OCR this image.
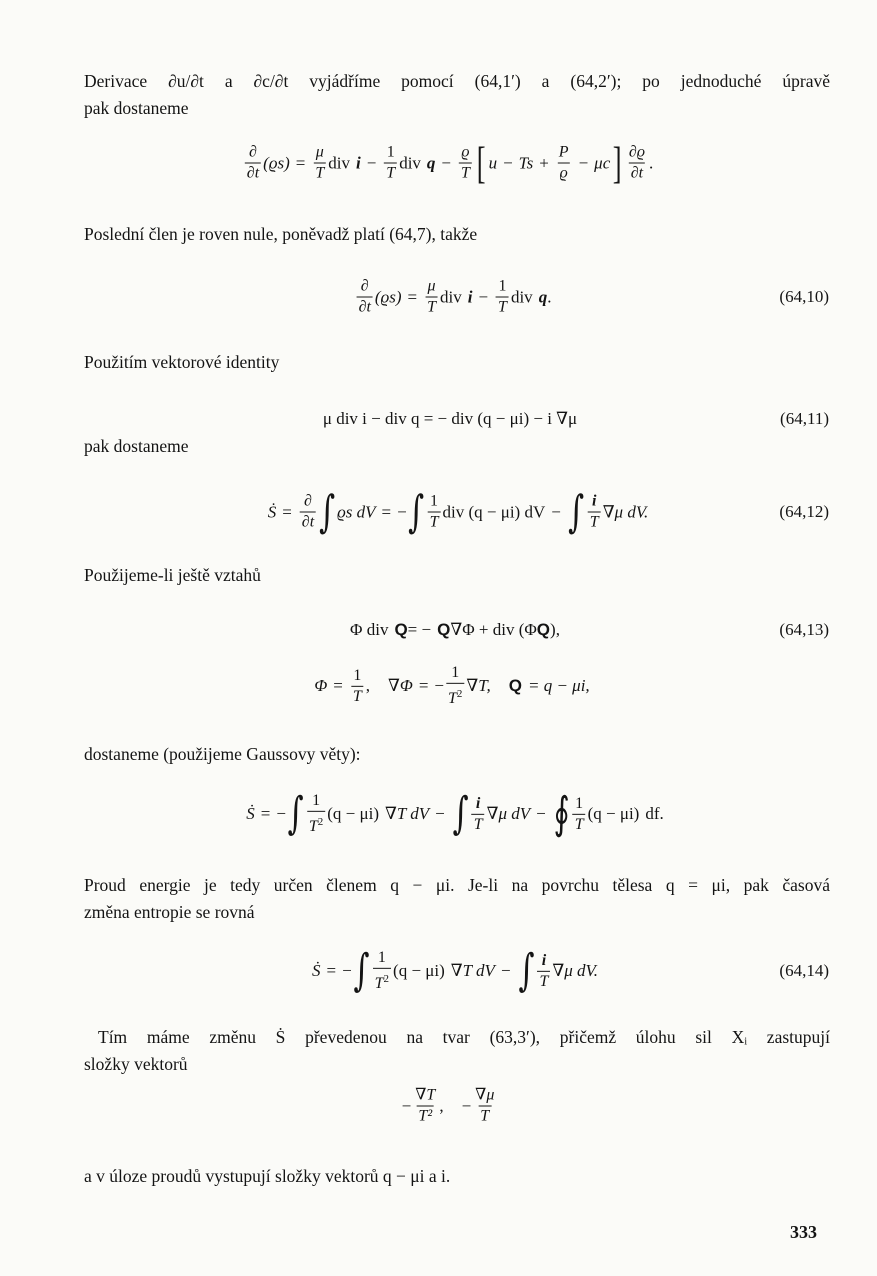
Derivace ∂u/∂t a ∂c/∂t vyjádříme pomocí (64,1′) a (64,2′); po jednoduché úpravě
pak dostaneme

$\frac{\partial}{\partial t} (ϱs) = \frac{\mu}{T}$ div $i - \frac{1}{T}$ div $q - \frac{ϱ}{T}$ [ $u - Ts + \frac{P}{ϱ} - \mu c$ ] $\frac{\partial ϱ}{\partial t}$ .

Poslední člen je roven nule, poněvadž platí (64,7), takže

$\frac{\partial}{\partial t} (ϱs) = \frac{\mu}{T}$ div $i - \frac{1}{T}$ div q .	(64,10)

Použitím vektorové identity

μ div i − div q = − div (q − μi) − i ∇μ	(64,11)

pak dostaneme

Ṡ = $\frac{\partial}{\partial t}$ ∫ ϱs dV = − ∫ $\frac{1}{T}$ div (q − μi) dV − ∫ $\frac{i}{T} \nabla\mu$ dV.	(64,12)

Použijeme-li ještě vztahů

Φ div Q = − Q ∇Φ + div (Φ Q ),	(64,13)
$\Phi = \frac{1}{T}$ , ∇Φ = − $\frac{1}{T^2} \nabla T$, Q = q − μi,

dostaneme (použijeme Gaussovy věty):

Ṡ = − ∫ $\frac{1}{T^2} (q - \mu i)$ ∇T dV − ∫ $\frac{i}{T} \nabla\mu$ dV − ∮ $\frac{1}{T} (q - \mu i)$ df.

Proud energie je tedy určen členem q − μi. Je-li na povrchu tělesa q = μi, pak časová
změna entropie se rovná

Ṡ = − ∫ $\frac{1}{T^2} (q - \mu i)$ ∇T dV − ∫ $\frac{i}{T} \nabla\mu$ dV.	(64,14)

Tím máme změnu Ṡ převedenou na tvar (63,3′), přičemž úlohu sil Xᵢ zastupují
složky vektorů

− $\frac{\nabla T}{\text{T²}}$ , − $\frac{\nabla\mu}{T}$

a v úloze proudů vystupují složky vektorů q − μi a i.

333
